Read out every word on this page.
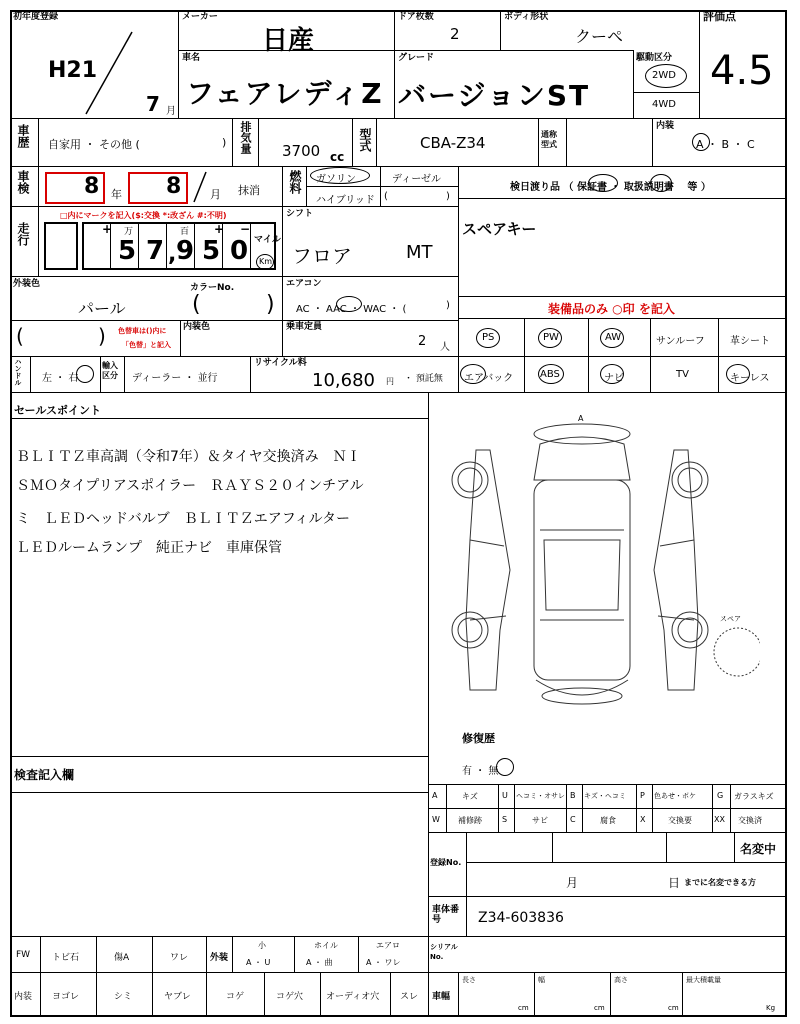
初年度登録
H21
7 月
メーカー
日産
車名
フェアレディZ
ドア枚数
2
ボディ形状
クーペ
グレード
バージョンST
駆動区分
2WD
4WD
評価点
4.5
車歴 自家用 ・ その他 (	) 排気量 3700 cc
型式	CBA-Z34	通称型式
内装
A ・ B ・ C
車検 8 年 8	月 抹消 燃料 ガソリン	ディーゼル
ハイブリッド (	)
検日渡り品 （ 保証書 ・ 取扱説明書 　等 ）
走行
□内にマークを記入($:交換 *:改ざん #:不明)
+ 万	百 + −
5 7 , 9 5 0 マイル
Km
シフト
フロア	MT
スペアキー
外装色
パール
カラーNo.
(	)
(	) 色替車は()内に
「色替」と記入
内装色
エアコン
AC ・ AAC ・ WAC ・ (	)	装備品のみ ○印 を記入
PS	PW	AW	サンルーフ	革シート
エアバック	ABS	ナビ	TV	キーレス
乗車定員
2 人
ハンドル 左 ・ 右
輸入区分	ディーラー ・ 並行
リサイクル料
10,680 円 ・ 預託無
セールスポイント
ＢＬＩＴＺ車高調（令和7年）＆タイヤ交換済み　ＮＩ
ＳＭＯタイプリアスポイラー　ＲＡＹＳ２０インチアル
ミ　ＬＥＤヘッドバルブ　ＢＬＩＴＺエアフィルター
ＬＥＤルームランプ　純正ナビ　車庫保管
A
スペア
修復歴
有 ・ 無
検査記入欄
A	キズ	U ヘコミ・オサレ B キズ・ヘコミ P 色あせ・ボケ	G ガラスキズ
W 補修跡	S	サビ	C	腐食	X	交換要	XX 交換済
登録No.
名変中
月	日 までに名変できる方
車体番号	Z34-603836
FW トビ石	傷A	ワレ 外装
小
A ・ U
ホイル
A ・ 曲
エアロ
A ・ ワレ
シリアルNo.
内装 ヨゴレ	シミ	ヤブレ	コゲ	コゲ穴	オーディオ穴 スレ 車幅
長さ
cm
幅
cm
高さ
cm
最大積載量
Kg
